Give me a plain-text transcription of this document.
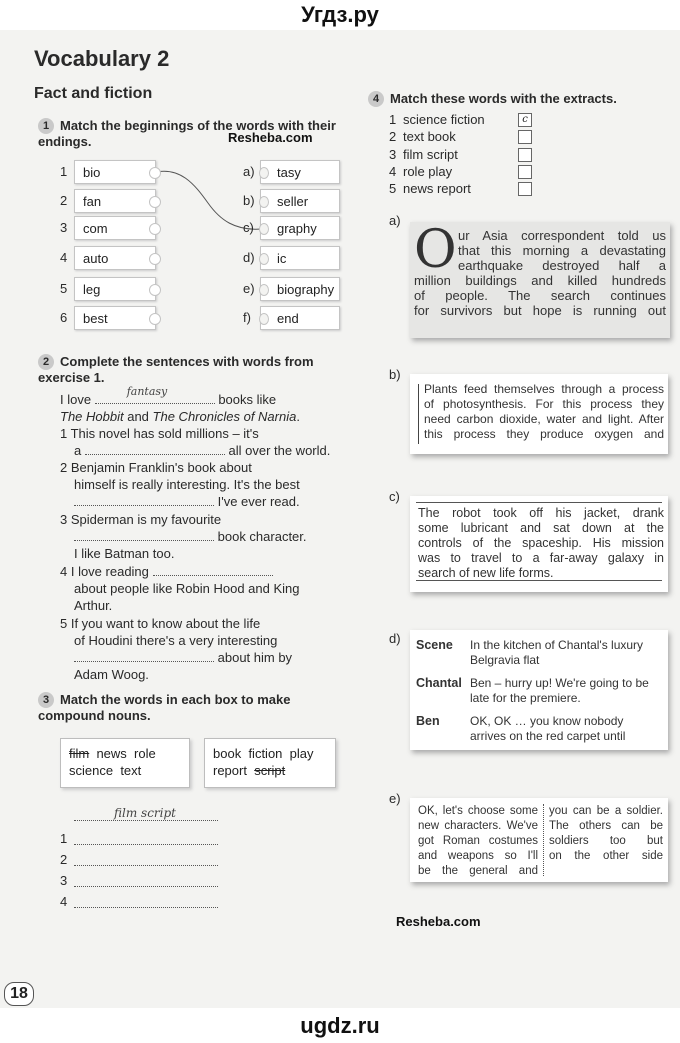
Угдз.ру
Vocabulary 2
Fact and fiction
1 Match the beginnings of the words with their endings.	Resheba.com
1	bio
2	fan
3	com
4	auto
5	leg
6	best
a)	tasy
b)	seller
c)	graphy
d)	ic
e)	biography
f)	end
2 Complete the sentences with words from exercise 1.
I love
fantasy
books like
The Hobbit and The Chronicles of Narnia.
1 This novel has sold millions – it's
a	all over the world.
2 Benjamin Franklin's book about
himself is really interesting. It's the best
I've ever read.
3 Spiderman is my favourite
book character.
I like Batman too.
4 I love reading
about people like Robin Hood and King
Arthur.
5 If you want to know about the life
of Houdini there's a very interesting
about him by
Adam Woog.
3 Match the words in each box to make compound nouns.
film news role
science text
book fiction play
report script
film script
1
2
3
4
4 Match these words with the extracts.
1 science fiction	c
2 text book
3 film script
4 role play
5 news report
a) O ur Asia correspondent told us
that this morning a devastating
earthquake destroyed half a
million buildings and killed hundreds
of people. The search continues
for survivors but hope is running out
b)
Plants feed themselves through a process
of photosynthesis. For this process they
need carbon dioxide, water and light. After
this process they produce oxygen and
c)
The robot took off his jacket, drank
some lubricant and sat down at the
controls of the spaceship. His mission
was to travel to a far-away galaxy in
search of new life forms.
d) Scene In the kitchen of Chantal's luxury
Belgravia flat
Chantal Ben – hurry up! We're going to be
late for the premiere.
Ben	OK, OK … you know nobody
arrives on the red carpet until
e)
OK, let's choose some
new characters. We've
got Roman costumes
and weapons so I'll
be the general and
you can be a soldier.
The others can be
soldiers too but
on the other side
Resheba.com
18
ugdz.ru
